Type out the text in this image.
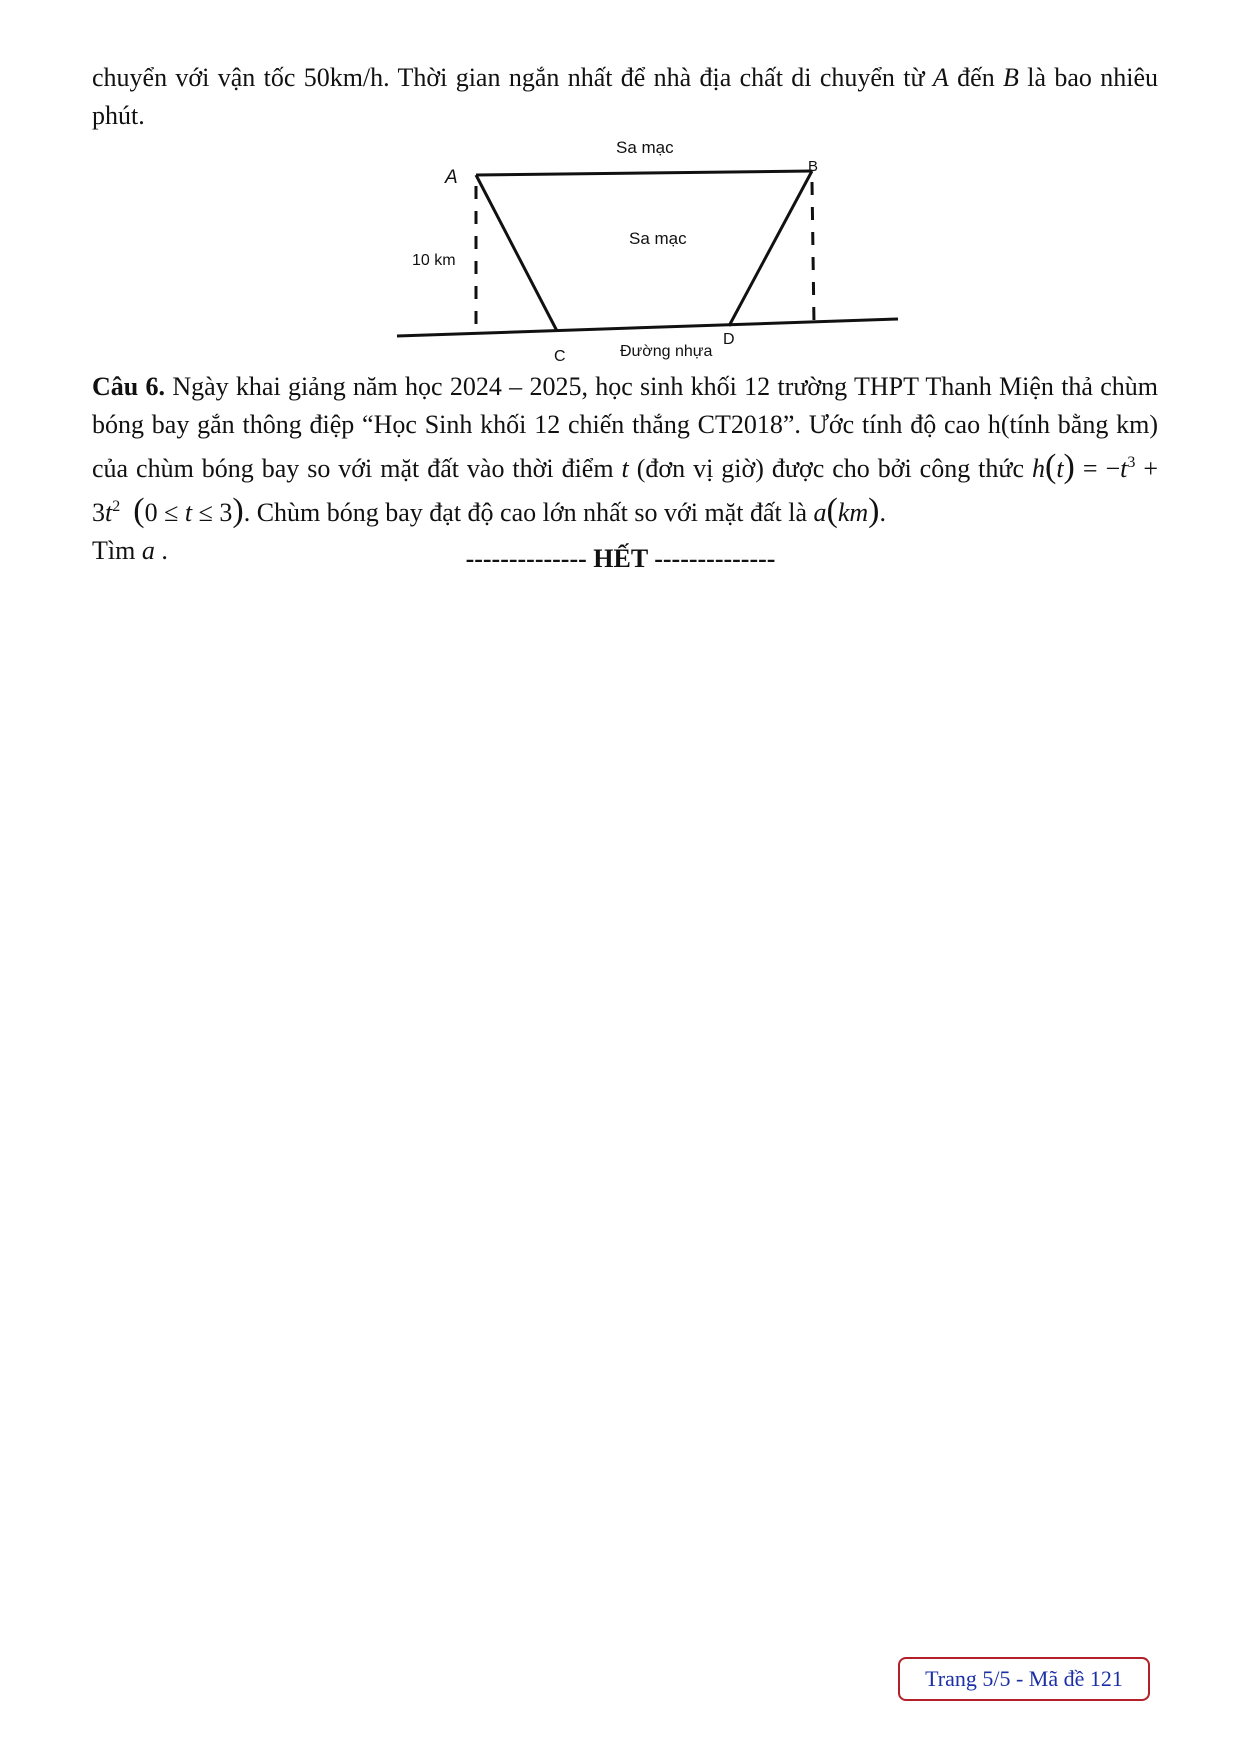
chuyển với vận tốc 50km/h. Thời gian ngắn nhất để nhà địa chất di chuyển từ A đến B là bao nhiêu phút.
Sa mạc
A
B
Sa mạc
10 km
C	Đường nhựa
D
Câu 6. Ngày khai giảng năm học 2024 – 2025, học sinh khối 12 trường THPT Thanh Miện thả chùm bóng bay gắn thông điệp “Học Sinh khối 12 chiến thắng CT2018”. Ước tính độ cao h(tính bằng km) của chùm bóng bay so với mặt đất vào thời điểm t (đơn vị giờ) được cho bởi công thức $h(t) = -t^3 + 3t^2$ (0 ≤ t ≤ 3). Chùm bóng bay đạt độ cao lớn nhất so với mặt đất là a(km).
Tìm a .	-------------- HẾT --------------
Trang 5/5 - Mã đề 121
